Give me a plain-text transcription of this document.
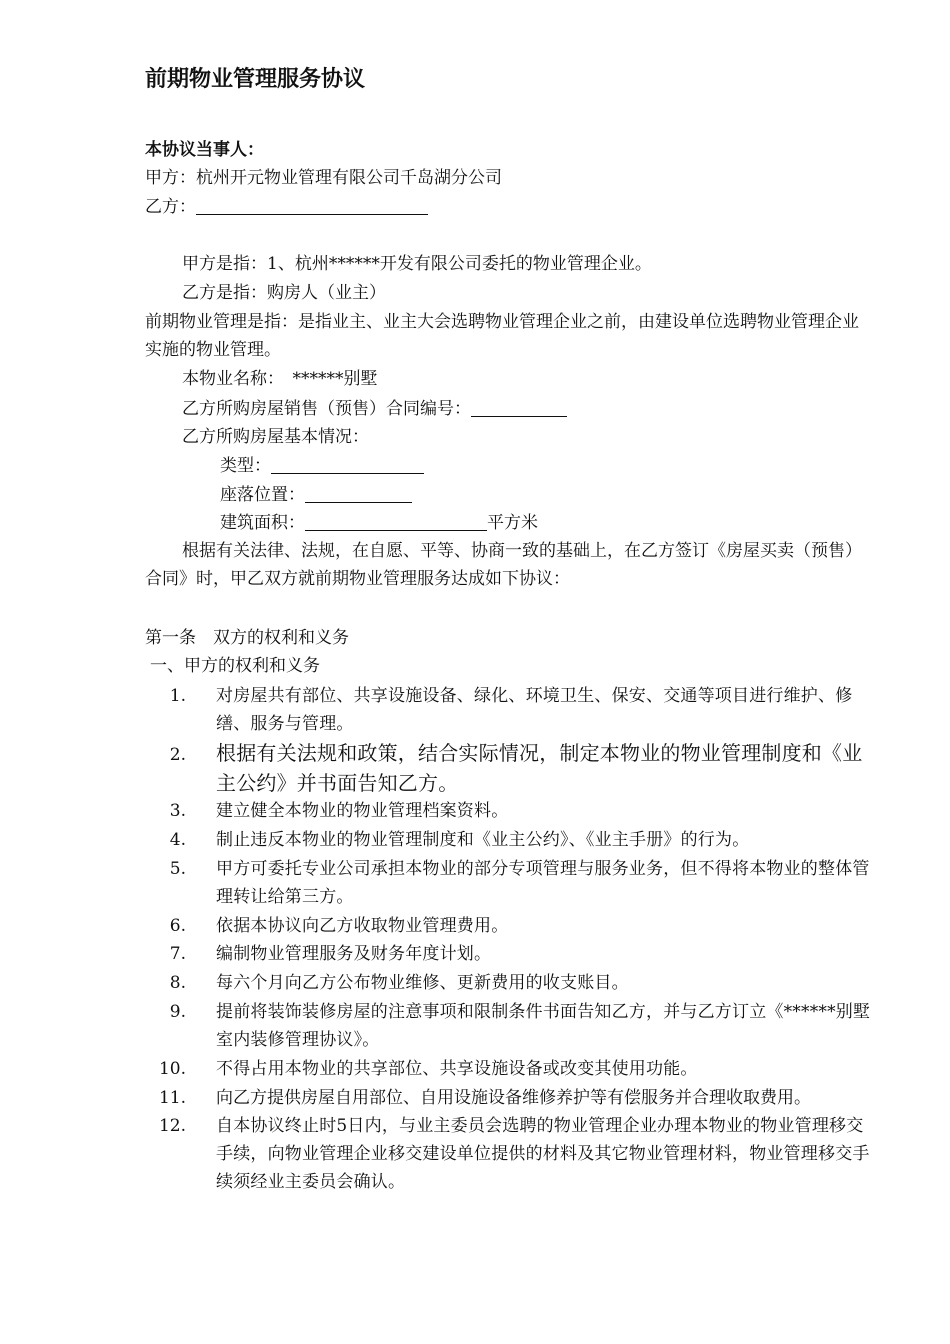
前期物业管理服务协议
本协议当事人：
甲方：杭州开元物业管理有限公司千岛湖分公司
乙方：
甲方是指：1、杭州******开发有限公司委托的物业管理企业。
乙方是指：购房人（业主）
前期物业管理是指：是指业主、业主大会选聘物业管理企业之前，由建设单位选聘物业管理企业实施的物业管理。
本物业名称：　******别墅
乙方所购房屋销售（预售）合同编号：
乙方所购房屋基本情况：
类型：
座落位置：
建筑面积：	平方米
根据有关法律、法规，在自愿、平等、协商一致的基础上，在乙方签订《房屋买卖（预售）合同》时，甲乙双方就前期物业管理服务达成如下协议：
第一条　双方的权利和义务
一、甲方的权利和义务
1. 对房屋共有部位、共享设施设备、绿化、环境卫生、保安、交通等项目进行维护、修缮、服务与管理。
2. 根据有关法规和政策，结合实际情况，制定本物业的物业管理制度和《业主公约》并书面告知乙方。
3. 建立健全本物业的物业管理档案资料。
4. 制止违反本物业的物业管理制度和《业主公约》、《业主手册》的行为。
5. 甲方可委托专业公司承担本物业的部分专项管理与服务业务，但不得将本物业的整体管理转让给第三方。
6. 依据本协议向乙方收取物业管理费用。
7. 编制物业管理服务及财务年度计划。
8. 每六个月向乙方公布物业维修、更新费用的收支账目。
9. 提前将装饰装修房屋的注意事项和限制条件书面告知乙方，并与乙方订立《******别墅室内装修管理协议》。
10. 不得占用本物业的共享部位、共享设施设备或改变其使用功能。
11. 向乙方提供房屋自用部位、自用设施设备维修养护等有偿服务并合理收取费用。
12. 自本协议终止时5日内，与业主委员会选聘的物业管理企业办理本物业的物业管理移交手续，向物业管理企业移交建设单位提供的材料及其它物业管理材料，物业管理移交手续须经业主委员会确认。
